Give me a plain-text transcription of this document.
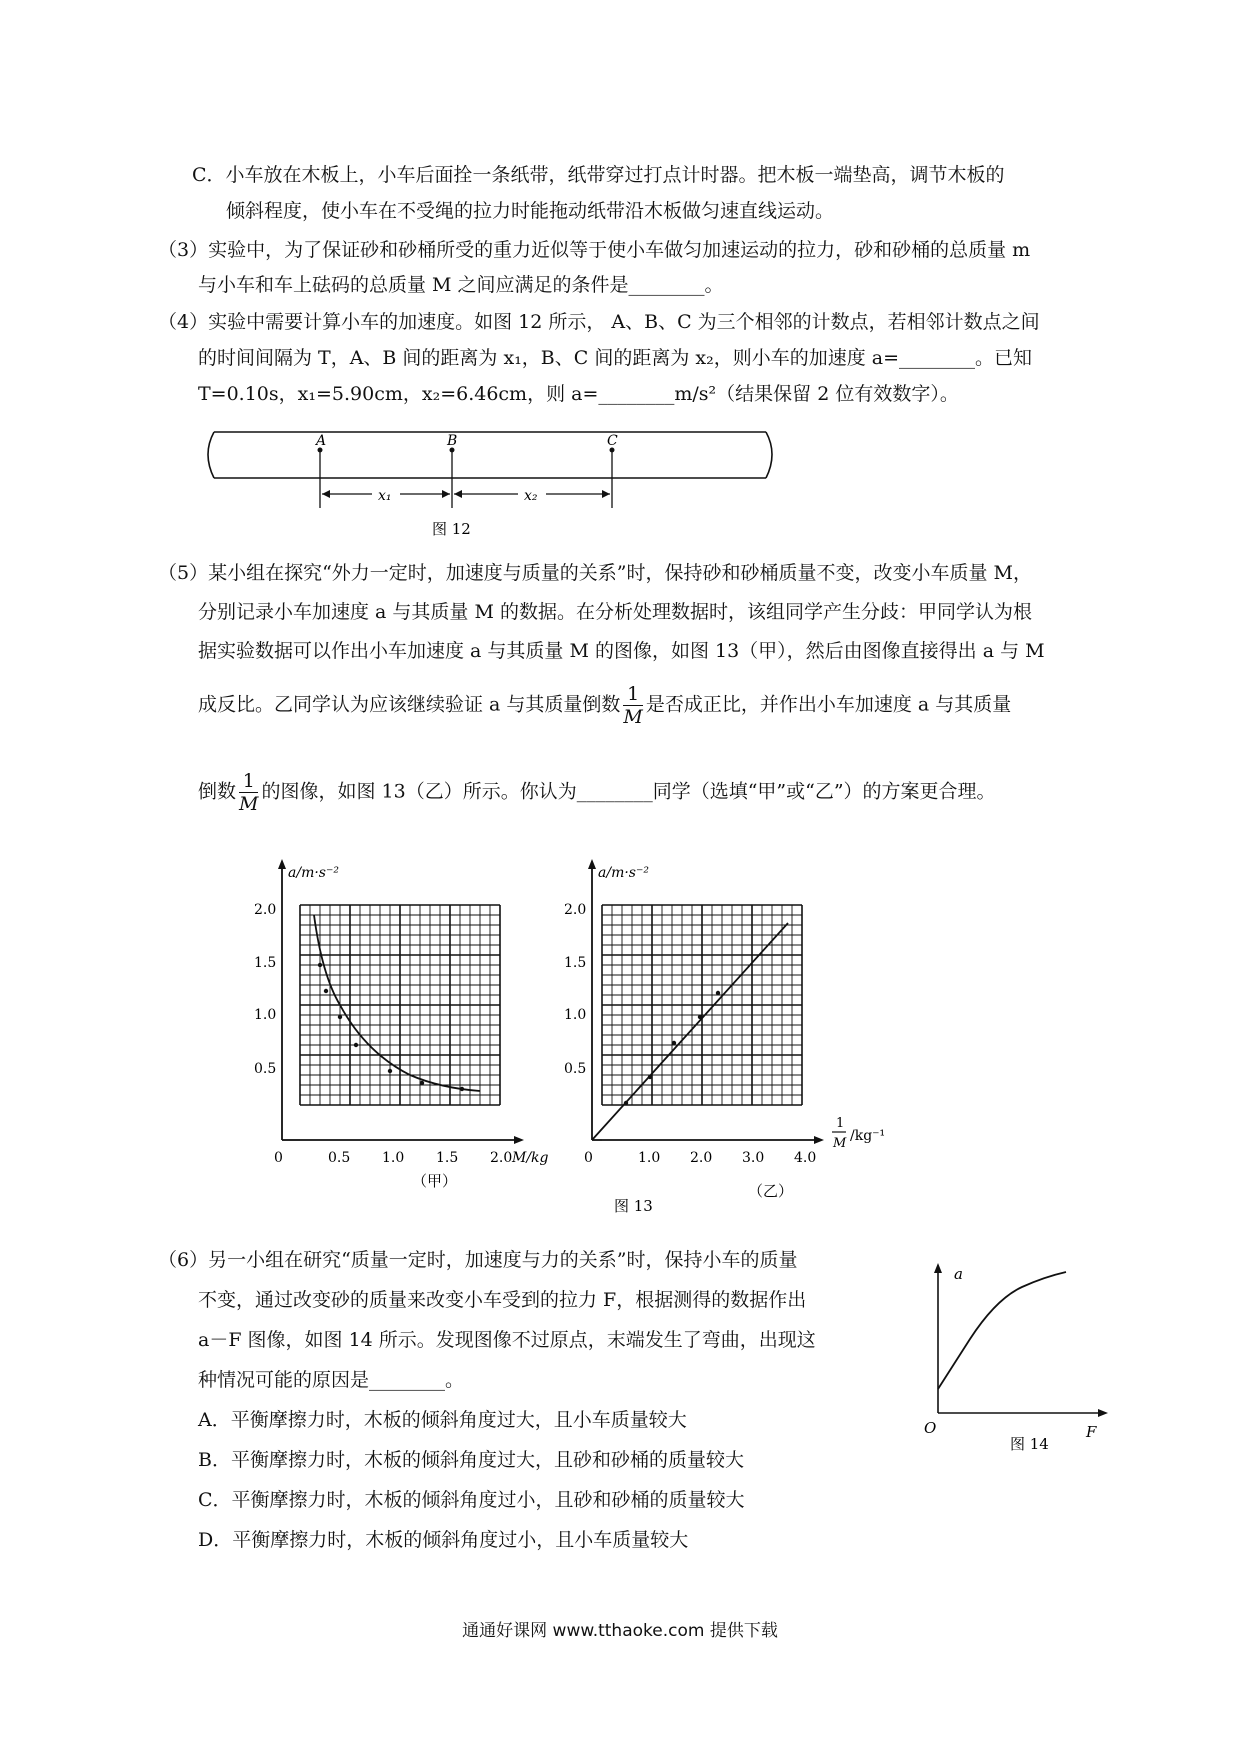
C．小车放在木板上，小车后面拴一条纸带，纸带穿过打点计时器。把木板一端垫高，调节木板的
倾斜程度，使小车在不受绳的拉力时能拖动纸带沿木板做匀速直线运动。
（3）实验中，为了保证砂和砂桶所受的重力近似等于使小车做匀加速运动的拉力，砂和砂桶的总质量 m
与小车和车上砝码的总质量 M 之间应满足的条件是________。
（4）实验中需要计算小车的加速度。如图 12 所示， A、B、C 为三个相邻的计数点，若相邻计数点之间
的时间间隔为 T，A、B 间的距离为 x₁，B、C 间的距离为 x₂，则小车的加速度 a=________。已知
T=0.10s，x₁=5.90cm，x₂=6.46cm，则 a=________m/s²（结果保留 2 位有效数字）。
A	B	C
x₁	x₂
图 12
（5）某小组在探究“外力一定时，加速度与质量的关系”时，保持砂和砂桶质量不变，改变小车质量 M，
分别记录小车加速度 a 与其质量 M 的数据。在分析处理数据时，该组同学产生分歧：甲同学认为根
据实验数据可以作出小车加速度 a 与其质量 M 的图像，如图 13（甲），然后由图像直接得出 a 与 M
成反比。乙同学认为应该继续验证 a 与其质量倒数 $\frac{1}{M}$ 是否成正比，并作出小车加速度 a 与其质量
倒数 $\frac{1}{M}$ 的图像，如图 13（乙）所示。你认为________同学（选填“甲”或“乙”）的方案更合理。
2.0
1.5
1.0
0.5
0	0.5 1.0 1.5 2.0
a/m·s⁻²
M/kg
2.0
1.5
1.0
0.5
0	1.0 2.0 3.0 4.0
a/m·s⁻²
1
M /kg⁻¹
（甲）
（乙）
图 13
（6）另一小组在研究“质量一定时，加速度与力的关系”时，保持小车的质量
不变，通过改变砂的质量来改变小车受到的拉力 F，根据测得的数据作出
a－F 图像，如图 14 所示。发现图像不过原点，末端发生了弯曲，出现这
种情况可能的原因是________。
A．平衡摩擦力时，木板的倾斜角度过大，且小车质量较大
B．平衡摩擦力时，木板的倾斜角度过大，且砂和砂桶的质量较大
C．平衡摩擦力时，木板的倾斜角度过小，且砂和砂桶的质量较大
D．平衡摩擦力时，木板的倾斜角度过小，且小车质量较大
a
O	F
图 14
通通好课网 www.tthaoke.com 提供下载
